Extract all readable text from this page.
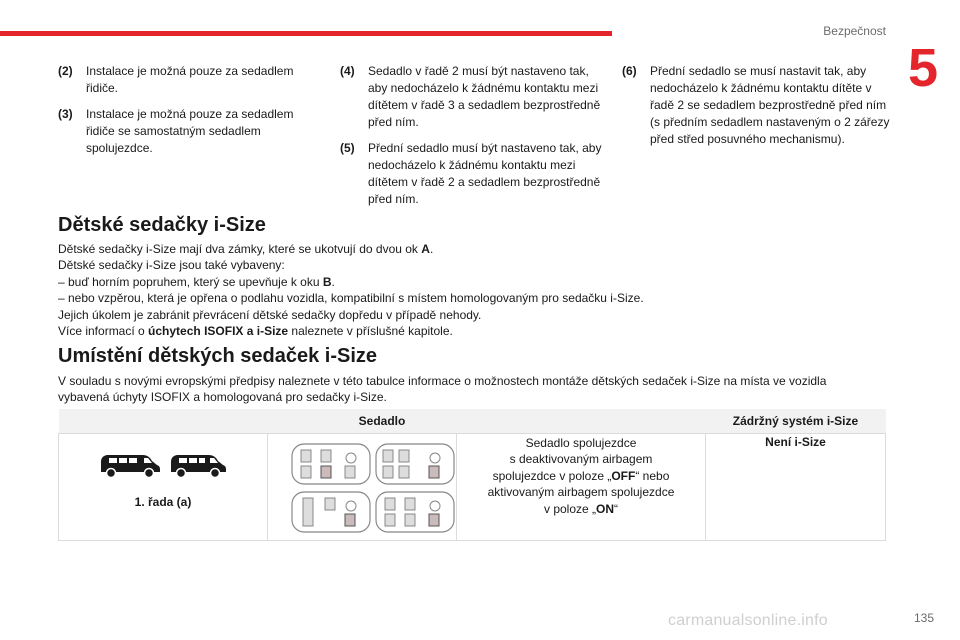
Bezpečnost
5
(2)	Instalace je možná pouze za sedadlem řidiče.
(3)	Instalace je možná pouze za sedadlem řidiče se samostatným sedadlem spolujezdce.
(4)	Sedadlo v řadě 2 musí být nastaveno tak, aby nedocházelo k žádnému kontaktu mezi dítětem v řadě 3 a sedadlem bezprostředně před ním.
(5)	Přední sedadlo musí být nastaveno tak, aby nedocházelo k žádnému kontaktu mezi dítětem v řadě 2 a sedadlem bezprostředně před ním.
(6)	Přední sedadlo se musí nastavit tak, aby nedocházelo k žádnému kontaktu dítěte v řadě 2 se sedadlem bezprostředně před ním (s předním sedadlem nastaveným o 2 zářezy před střed posuvného mechanismu).
Dětské sedačky i-Size
Dětské sedačky i-Size mají dva zámky, které se ukotvují do dvou ok A.
Dětské sedačky i-Size jsou také vybaveny:
– buď horním popruhem, který se upevňuje k oku B.
– nebo vzpěrou, která je opřena o podlahu vozidla, kompatibilní s místem homologovaným pro sedačku i-Size.
Jejich úkolem je zabránit převrácení dětské sedačky dopředu v případě nehody.
Více informací o úchytech ISOFIX a i-Size naleznete v příslušné kapitole.
Umístění dětských sedaček i-Size
V souladu s novými evropskými předpisy naleznete v této tabulce informace o možnostech montáže dětských sedaček i-Size na místa ve vozidla
vybavená úchyty ISOFIX a homologovaná pro sedačky i-Size.
Sedadlo			Zádržný systém i-Size

1. řada (a)		Sedadlo spolujezdce
s deaktivovaným airbagem
spolujezdce v poloze „OFF“ nebo
aktivovaným airbagem spolujezdce
v poloze „ON“	Není i-Size
carmanualsonline.info	135
